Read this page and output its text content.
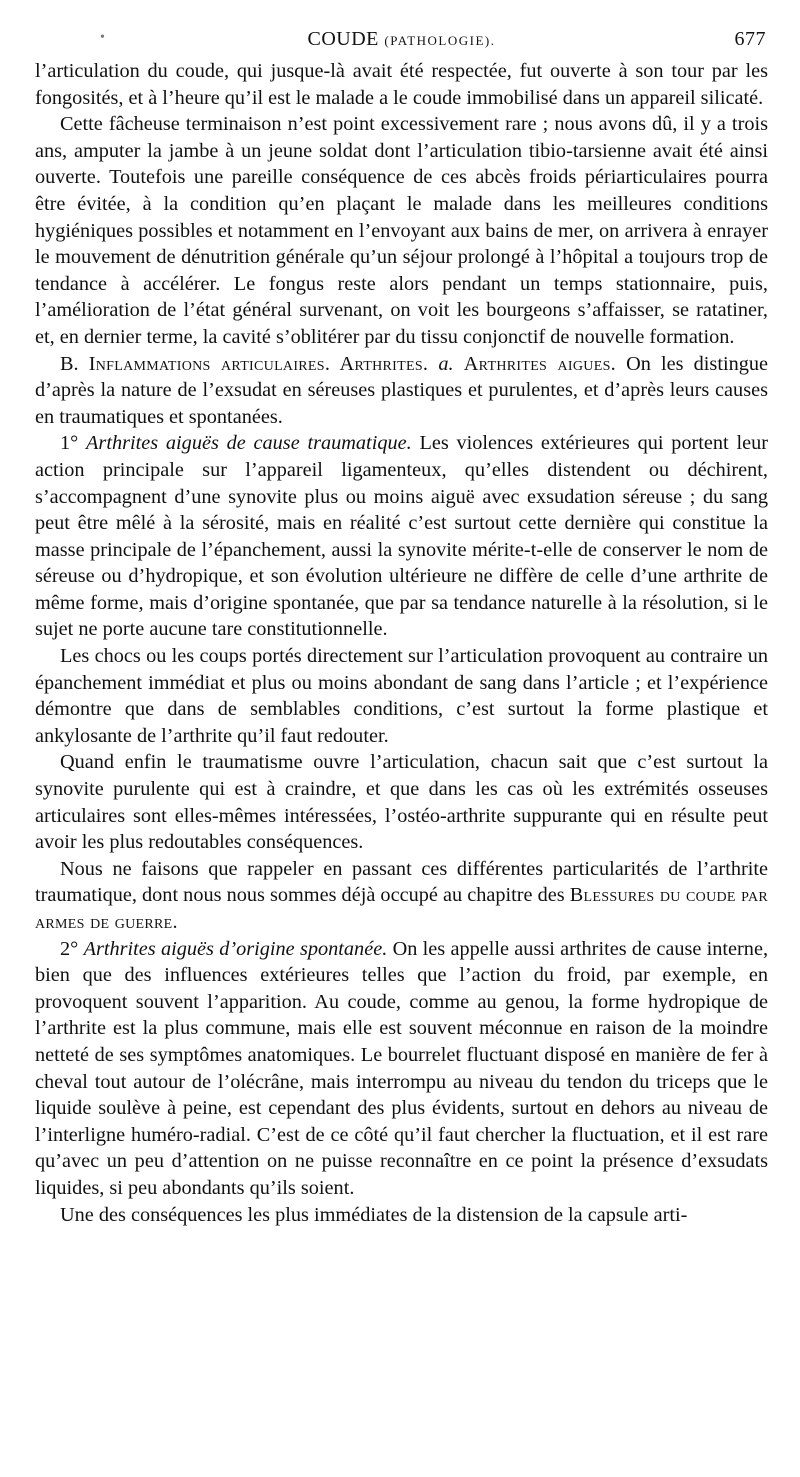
•	COUDE (PATHOLOGIE).	677

l’articulation du coude, qui jusque-là avait été respectée, fut ouverte à son tour par les fongosités, et à l’heure qu’il est le malade a le coude immobilisé dans un appareil silicaté.

Cette fâcheuse terminaison n’est point excessivement rare ; nous avons dû, il y a trois ans, amputer la jambe à un jeune soldat dont l’articulation tibio-tarsienne avait été ainsi ouverte. Toutefois une pareille conséquence de ces abcès froids périarticulaires pourra être évitée, à la condition qu’en plaçant le malade dans les meilleures conditions hygiéniques possibles et notamment en l’envoyant aux bains de mer, on arrivera à enrayer le mouvement de dénutrition générale qu’un séjour prolongé à l’hôpital a toujours trop de tendance à accélérer. Le fongus reste alors pendant un temps stationnaire, puis, l’amélioration de l’état général survenant, on voit les bourgeons s’affaisser, se ratatiner, et, en dernier terme, la cavité s’oblitérer par du tissu conjonctif de nouvelle formation.

B. Inflammations articulaires. Arthrites. a. Arthrites aigues. On les distingue d’après la nature de l’exsudat en séreuses plastiques et purulentes, et d’après leurs causes en traumatiques et spontanées.

1° Arthrites aiguës de cause traumatique. Les violences extérieures qui portent leur action principale sur l’appareil ligamenteux, qu’elles distendent ou déchirent, s’accompagnent d’une synovite plus ou moins aiguë avec exsudation séreuse ; du sang peut être mêlé à la sérosité, mais en réalité c’est surtout cette dernière qui constitue la masse principale de l’épanchement, aussi la synovite mérite-t-elle de conserver le nom de séreuse ou d’hydropique, et son évolution ultérieure ne diffère de celle d’une arthrite de même forme, mais d’origine spontanée, que par sa tendance naturelle à la résolution, si le sujet ne porte aucune tare constitutionnelle.

Les chocs ou les coups portés directement sur l’articulation provoquent au contraire un épanchement immédiat et plus ou moins abondant de sang dans l’article ; et l’expérience démontre que dans de semblables conditions, c’est surtout la forme plastique et ankylosante de l’arthrite qu’il faut redouter.

Quand enfin le traumatisme ouvre l’articulation, chacun sait que c’est surtout la synovite purulente qui est à craindre, et que dans les cas où les extrémités osseuses articulaires sont elles-mêmes intéressées, l’ostéo-arthrite suppurante qui en résulte peut avoir les plus redoutables conséquences.

Nous ne faisons que rappeler en passant ces différentes particularités de l’arthrite traumatique, dont nous nous sommes déjà occupé au chapitre des Blessures du coude par armes de guerre.

2° Arthrites aiguës d’origine spontanée. On les appelle aussi arthrites de cause interne, bien que des influences extérieures telles que l’action du froid, par exemple, en provoquent souvent l’apparition. Au coude, comme au genou, la forme hydropique de l’arthrite est la plus commune, mais elle est souvent méconnue en raison de la moindre netteté de ses symptômes anatomiques. Le bourrelet fluctuant disposé en manière de fer à cheval tout autour de l’olécrâne, mais interrompu au niveau du tendon du triceps que le liquide soulève à peine, est cependant des plus évidents, surtout en dehors au niveau de l’interligne huméro-radial. C’est de ce côté qu’il faut chercher la fluctuation, et il est rare qu’avec un peu d’attention on ne puisse reconnaître en ce point la présence d’exsudats liquides, si peu abondants qu’ils soient.

Une des conséquences les plus immédiates de la distension de la capsule arti-
